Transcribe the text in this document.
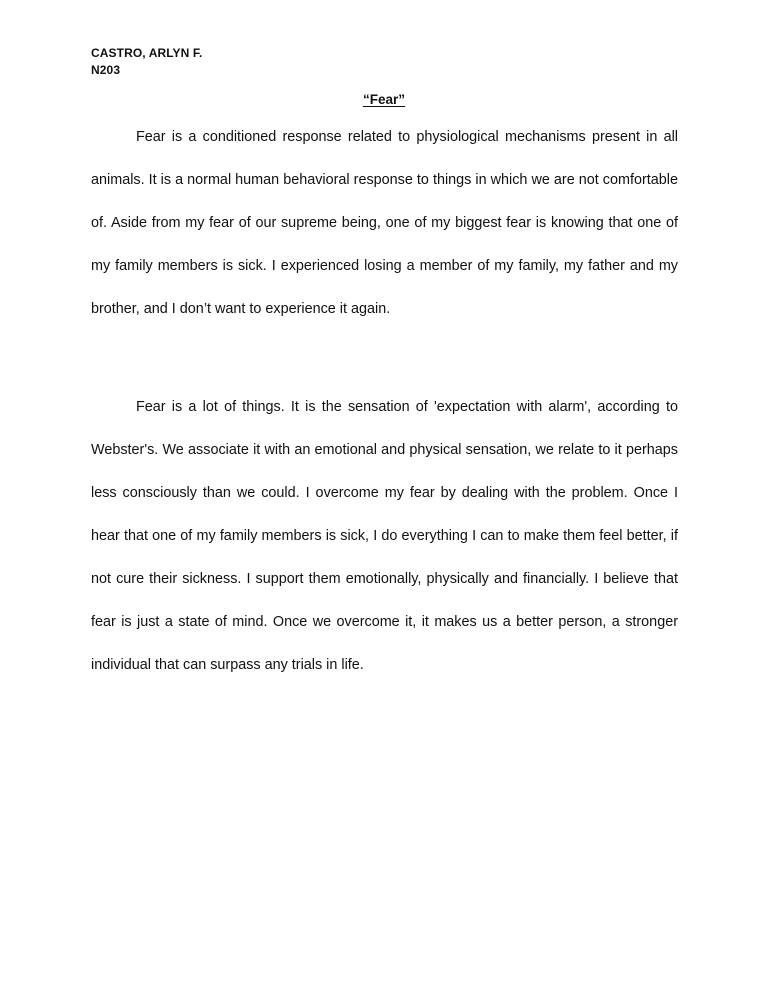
CASTRO, ARLYN F.
N203
“Fear”

Fear is a conditioned response related to physiological mechanisms present in all animals. It is a normal human behavioral response to things in which we are not comfortable of. Aside from my fear of our supreme being, one of my biggest fear is knowing that one of my family members is sick. I experienced losing a member of my family, my father and my brother, and I don’t want to experience it again.

Fear is a lot of things. It is the sensation of 'expectation with alarm', according to Webster's. We associate it with an emotional and physical sensation, we relate to it perhaps less consciously than we could. I overcome my fear by dealing with the problem. Once I hear that one of my family members is sick, I do everything I can to make them feel better, if not cure their sickness. I support them emotionally, physically and financially. I believe that fear is just a state of mind. Once we overcome it, it makes us a better person, a stronger individual that can surpass any trials in life.
